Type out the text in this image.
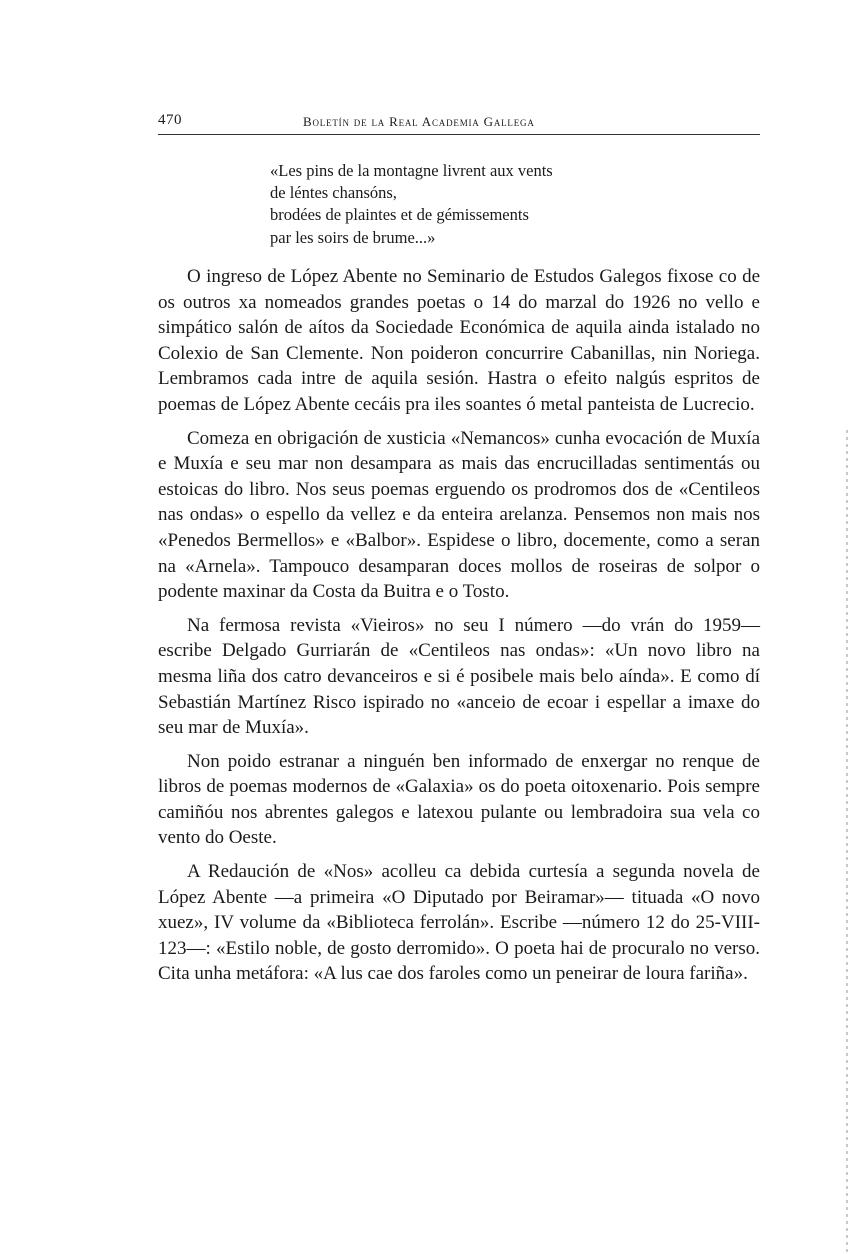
470	Boletín de la Real Academia Gallega
«Les pins de la montagne livrent aux vents
de léntes chansóns,
brodées de plaintes et de gémissements
par les soirs de brume...»

O ingreso de López Abente no Seminario de Estudos Galegos fixose co de os outros xa nomeados grandes poetas o 14 do marzal do 1926 no vello e simpático salón de aítos da Sociedade Económica de aquila ainda istalado no Colexio de San Clemente. Non poideron concurrire Cabanillas, nin Noriega. Lembramos cada intre de aquila sesión. Hastra o efeito nalgús espritos de poemas de López Abente cecáis pra iles soantes ó metal panteista de Lucrecio.

Comeza en obrigación de xusticia «Nemancos» cunha evocación de Muxía e Muxía e seu mar non desampara as mais das encrucilladas sentimentás ou estoicas do libro. Nos seus poemas erguendo os prodromos dos de «Centileos nas ondas» o espello da vellez e da enteira arelanza. Pensemos non mais nos «Penedos Bermellos» e «Balbor». Espidese o libro, docemente, como a seran na «Arnela». Tampouco desamparan doces mollos de roseiras de solpor o podente maxinar da Costa da Buitra e o Tosto.

Na fermosa revista «Vieiros» no seu I número —do vrán do 1959— escribe Delgado Gurriarán de «Centileos nas ondas»: «Un novo libro na mesma liña dos catro devanceiros e si é posibele mais belo aínda». E como dí Sebastián Martínez Risco ispirado no «anceio de ecoar i espellar a imaxe do seu mar de Muxía».

Non poido estranar a ninguén ben informado de enxergar no renque de libros de poemas modernos de «Galaxia» os do poeta oitoxenario. Pois sempre camiñóu nos abrentes galegos e latexou pulante ou lembradoira sua vela co vento do Oeste.

A Redaución de «Nos» acolleu ca debida curtesía a segunda novela de López Abente —a primeira «O Diputado por Beiramar»— tituada «O novo xuez», IV volume da «Biblioteca ferrolán». Escribe —número 12 do 25-VIII-123—: «Estilo noble, de gosto derromido». O poeta hai de procuralo no verso. Cita unha metáfora: «A lus cae dos faroles como un peneirar de loura fariña».
